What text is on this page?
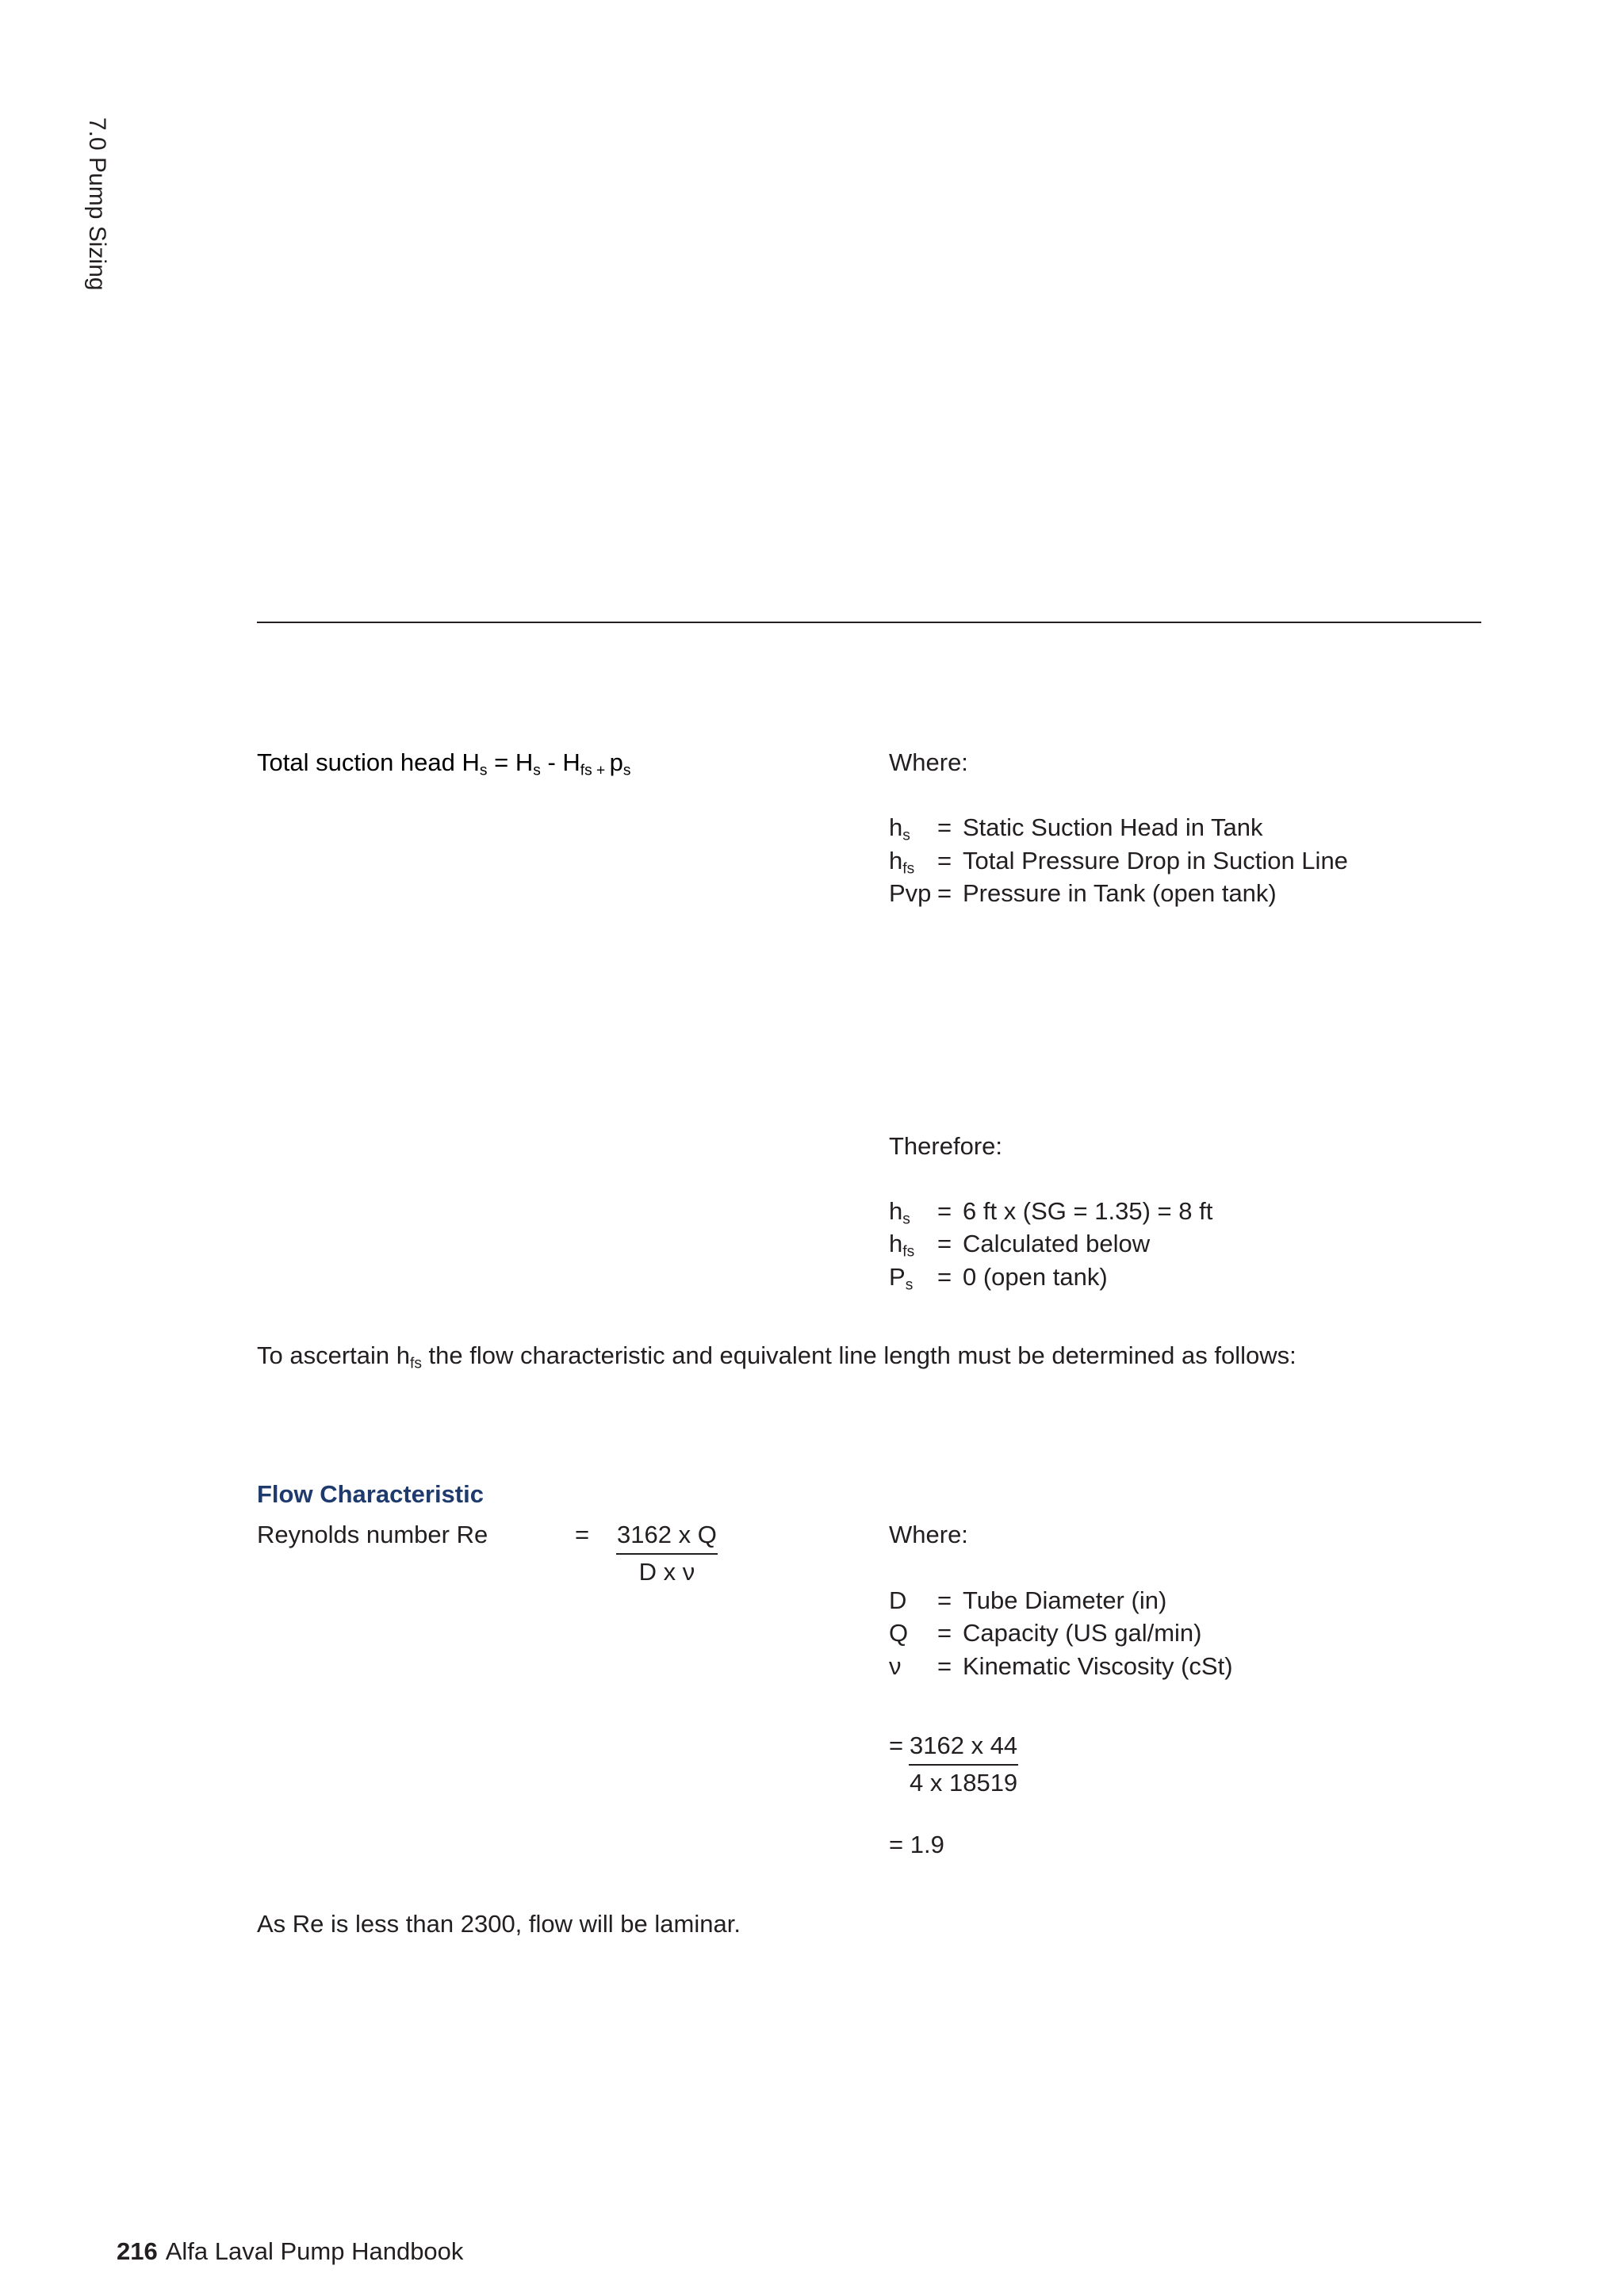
7.0 Pump Sizing
Total suction head $H_s = H_s - H_{fs}$ $_+$ $p_s$	Where:
$h_s$	= Static Suction Head in Tank
$h_{fs}$ = Total Pressure Drop in Suction Line
Pvp = Pressure in Tank (open tank)
Therefore:
$h_s$	= 6 ft x (SG = 1.35) = 8 ft
$h_{fs}$ = Calculated below
$P_s = 0$ (open tank)
To ascertain $h_{fs}$ the flow characteristic and equivalent line length must be determined as follows:
Flow Characteristic
Reynolds number Re	= $\frac{\text{3162 x Q}}{\text{D x ν}}$	Where:
D	= Tube Diameter (in)
Q	= Capacity (US gal/min)
ν	= Kinematic Viscosity (cSt)
= $\frac{3162 x 44}{4 x 18519}$
= 1.9
As Re is less than 2300, flow will be laminar.
216 Alfa Laval Pump Handbook
